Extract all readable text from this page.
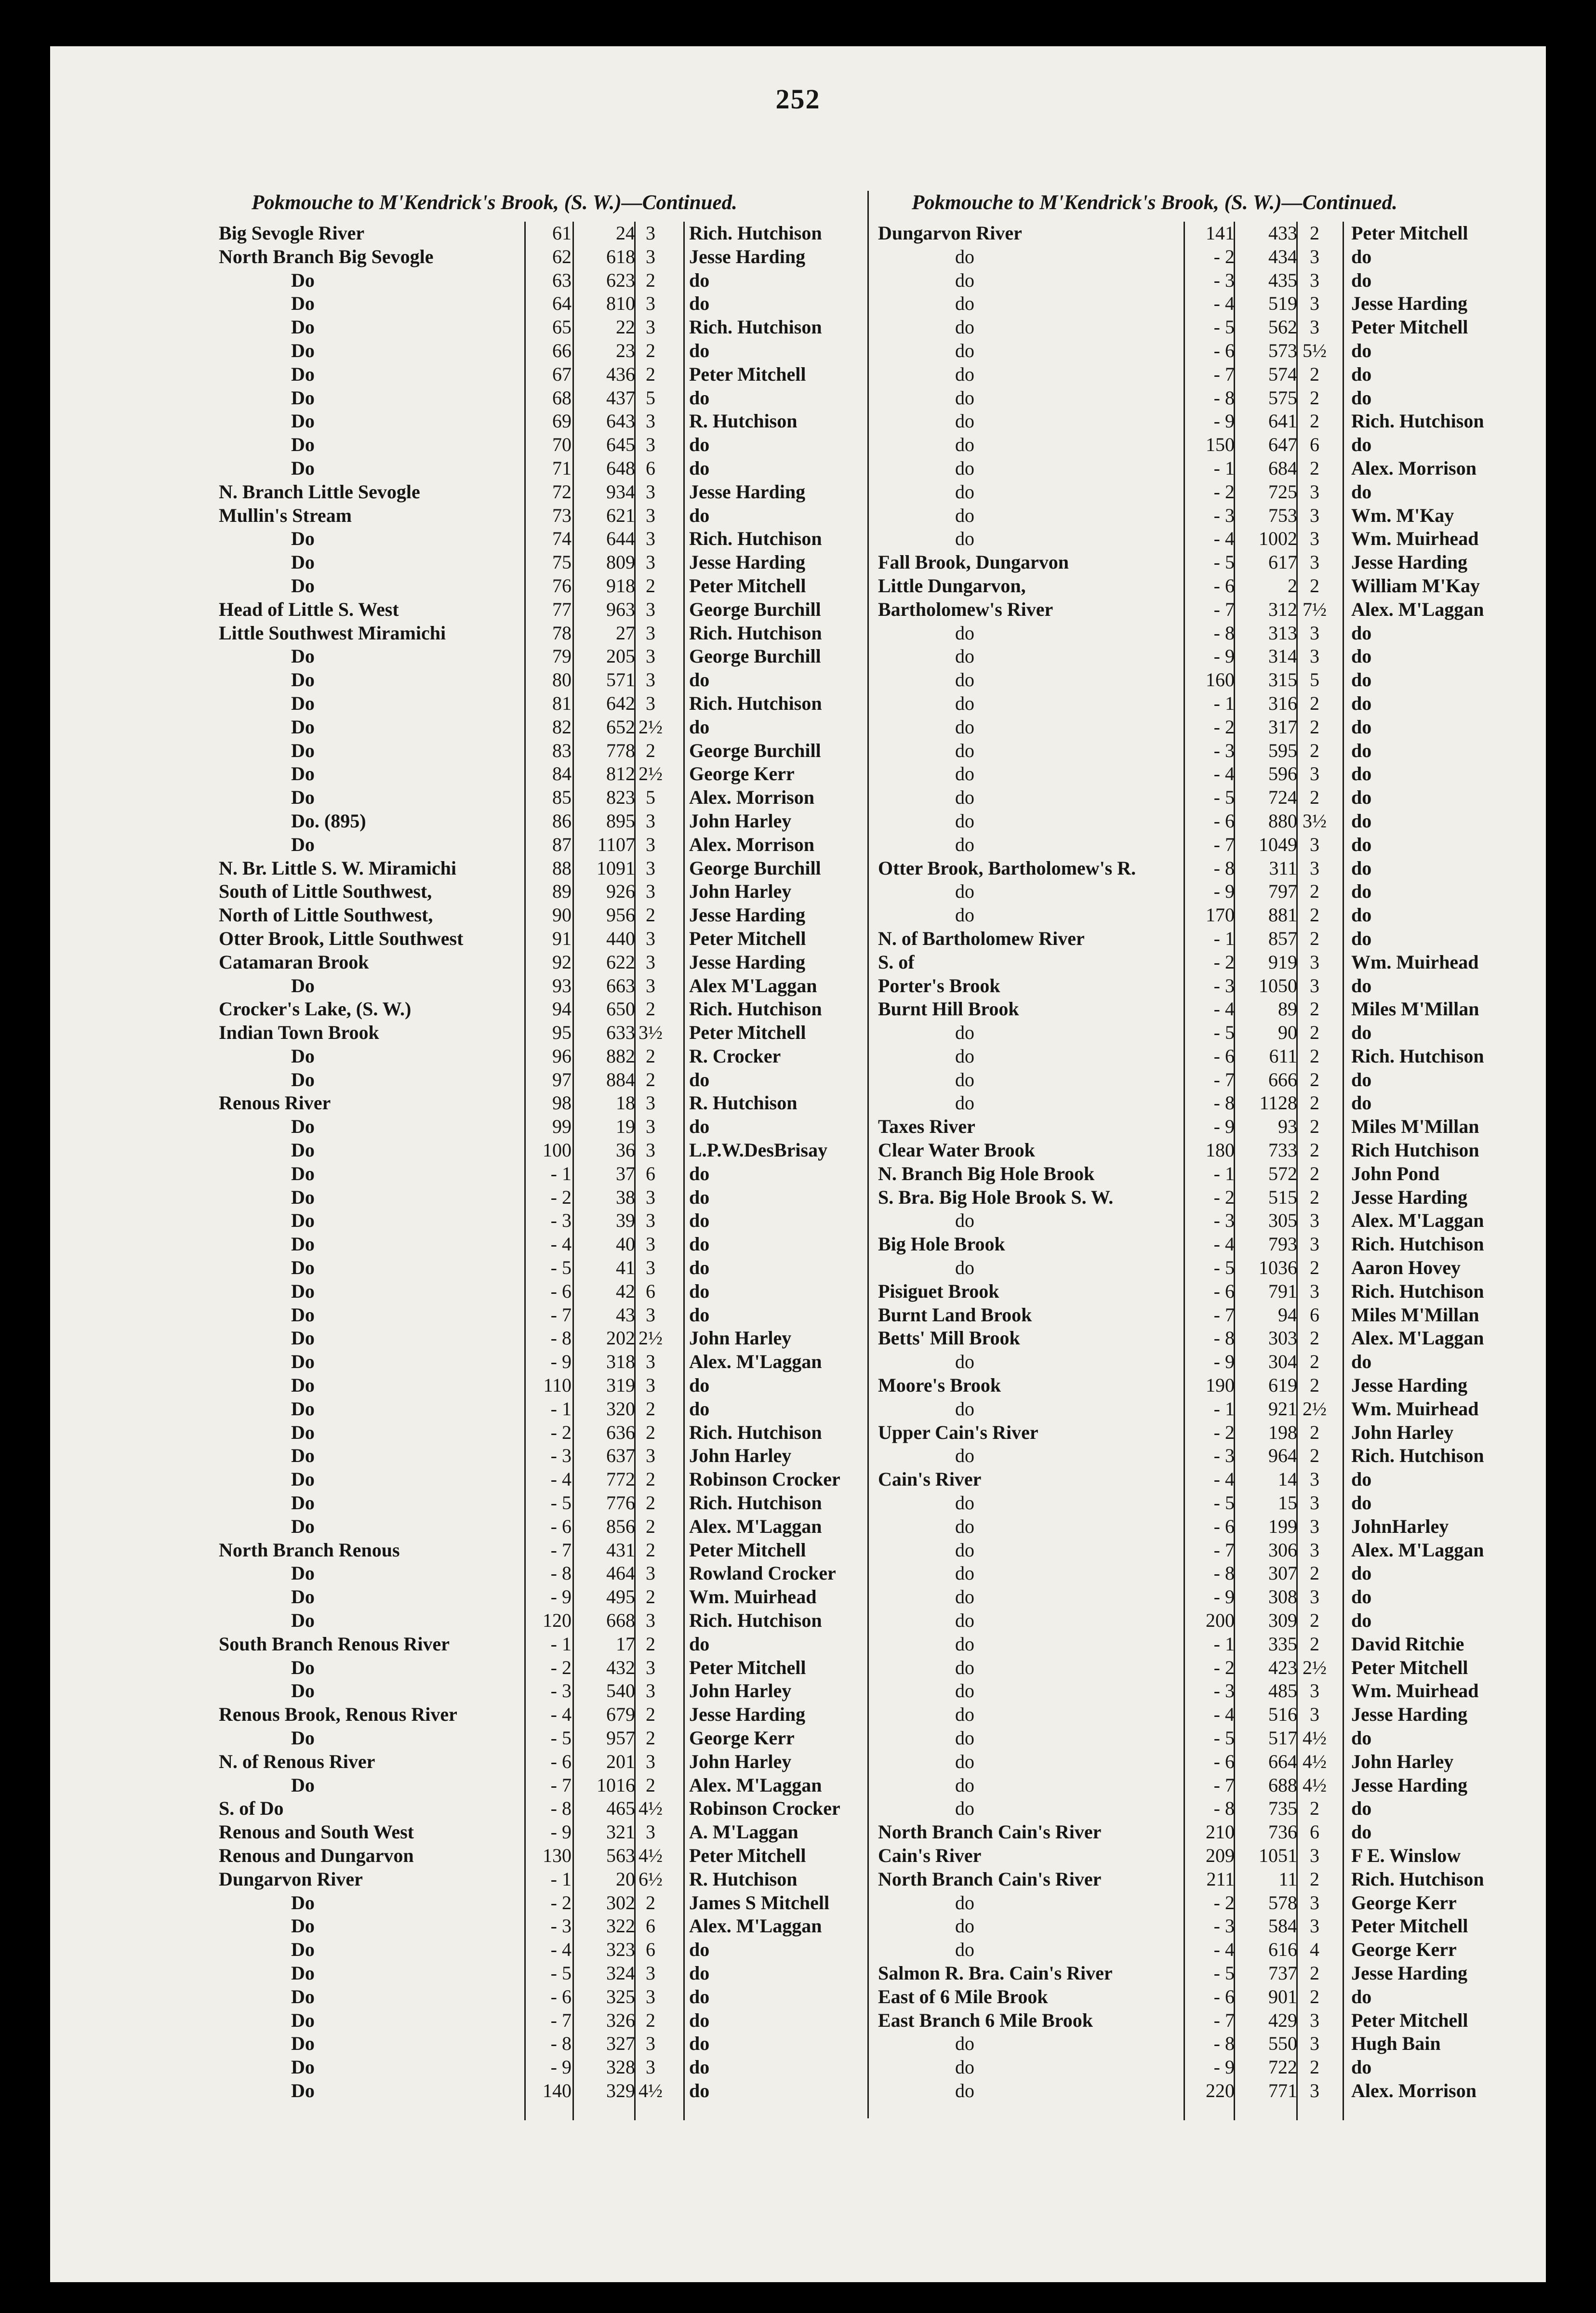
252
Pokmouche to M'Kendrick's Brook, (S. W.)—Continued.	Pokmouche to M'Kendrick's Brook, (S. W.)—Continued.
Big Sevogle River	61	24 3	Rich. Hutchison
North Branch Big Sevogle	62	618 3	Jesse Harding
Do	63	623 2	do
Do	64	810 3	do
Do	65	22 3	Rich. Hutchison
Do	66	23 2	do
Do	67	436 2	Peter Mitchell
Do	68	437 5	do
Do	69	643 3	R. Hutchison
Do	70	645 3	do
Do	71	648 6	do
N. Branch Little Sevogle	72	934 3	Jesse Harding
Mullin's Stream	73	621 3	do
Do	74	644 3	Rich. Hutchison
Do	75	809 3	Jesse Harding
Do	76	918 2	Peter Mitchell
Head of Little S. West	77	963 3	George Burchill
Little Southwest Miramichi	78	27 3	Rich. Hutchison
Do	79	205 3	George Burchill
Do	80	571 3	do
Do	81	642 3	Rich. Hutchison
Do	82	652 2½ do
Do	83	778 2	George Burchill
Do	84	812 2½ George Kerr
Do	85	823 5	Alex. Morrison
Do. (895)	86	895 3	John Harley
Do	87	1107 3	Alex. Morrison
N. Br. Little S. W. Miramichi	88	1091 3	George Burchill
South of Little Southwest,	89	926 3	John Harley
North of Little Southwest,	90	956 2	Jesse Harding
Otter Brook, Little Southwest	91	440 3	Peter Mitchell
Catamaran Brook	92	622 3	Jesse Harding
Do	93	663 3	Alex M'Laggan
Crocker's Lake, (S. W.)	94	650 2	Rich. Hutchison
Indian Town Brook	95	633 3½ Peter Mitchell
Do	96	882 2	R. Crocker
Do	97	884 2	do
Renous River	98	18 3	R. Hutchison
Do	99	19 3	do
Do	100	36 3	L.P.W.DesBrisay
Do	- 1	37 6	do
Do	- 2	38 3	do
Do	- 3	39 3	do
Do	- 4	40 3	do
Do	- 5	41 3	do
Do	- 6	42 6	do
Do	- 7	43 3	do
Do	- 8	202 2½ John Harley
Do	- 9	318 3	Alex. M'Laggan
Do	110	319 3	do
Do	- 1	320 2	do
Do	- 2	636 2	Rich. Hutchison
Do	- 3	637 3	John Harley
Do	- 4	772 2	Robinson Crocker
Do	- 5	776 2	Rich. Hutchison
Do	- 6	856 2	Alex. M'Laggan
North Branch Renous	- 7	431 2	Peter Mitchell
Do	- 8	464 3	Rowland Crocker
Do	- 9	495 2	Wm. Muirhead
Do	120	668 3	Rich. Hutchison
South Branch Renous River	- 1	17 2	do
Do	- 2	432 3	Peter Mitchell
Do	- 3	540 3	John Harley
Renous Brook, Renous River	- 4	679 2	Jesse Harding
Do	- 5	957 2	George Kerr
N. of Renous River	- 6	201 3	John Harley
Do	- 7	1016 2	Alex. M'Laggan
S. of Do	- 8	465 4½ Robinson Crocker
Renous and South West	- 9	321 3	A. M'Laggan
Renous and Dungarvon	130	563 4½ Peter Mitchell
Dungarvon River	- 1	20 6½ R. Hutchison
Do	- 2	302 2	James S Mitchell
Do	- 3	322 6	Alex. M'Laggan
Do	- 4	323 6	do
Do	- 5	324 3	do
Do	- 6	325 3	do
Do	- 7	326 2	do
Do	- 8	327 3	do
Do	- 9	328 3	do
Do	140	329 4½ do
Dungarvon River	141	433 2	Peter Mitchell
do	- 2	434 3	do
do	- 3	435 3	do
do	- 4	519 3	Jesse Harding
do	- 5	562 3	Peter Mitchell
do	- 6	573 5½ do
do	- 7	574 2	do
do	- 8	575 2	do
do	- 9	641 2	Rich. Hutchison
do	150	647 6	do
do	- 1	684 2	Alex. Morrison
do	- 2	725 3	do
do	- 3	753 3	Wm. M'Kay
do	- 4	1002 3	Wm. Muirhead
Fall Brook, Dungarvon	- 5	617 3	Jesse Harding
Little Dungarvon,	- 6	2 2	William M'Kay
Bartholomew's River	- 7	312 7½ Alex. M'Laggan
do	- 8	313 3	do
do	- 9	314 3	do
do	160	315 5	do
do	- 1	316 2	do
do	- 2	317 2	do
do	- 3	595 2	do
do	- 4	596 3	do
do	- 5	724 2	do
do	- 6	880 3½ do
do	- 7	1049 3	do
Otter Brook, Bartholomew's R.	- 8	311 3	do
do	- 9	797 2	do
do	170	881 2	do
N. of Bartholomew River	- 1	857 2	do
S. of	- 2	919 3	Wm. Muirhead
Porter's Brook	- 3	1050 3	do
Burnt Hill Brook	- 4	89 2	Miles M'Millan
do	- 5	90 2	do
do	- 6	611 2	Rich. Hutchison
do	- 7	666 2	do
do	- 8	1128 2	do
Taxes River	- 9	93 2	Miles M'Millan
Clear Water Brook	180	733 2	Rich Hutchison
N. Branch Big Hole Brook	- 1	572 2	John Pond
S. Bra. Big Hole Brook S. W.	- 2	515 2	Jesse Harding
do	- 3	305 3	Alex. M'Laggan
Big Hole Brook	- 4	793 3	Rich. Hutchison
do	- 5	1036 2	Aaron Hovey
Pisiguet Brook	- 6	791 3	Rich. Hutchison
Burnt Land Brook	- 7	94 6	Miles M'Millan
Betts' Mill Brook	- 8	303 2	Alex. M'Laggan
do	- 9	304 2	do
Moore's Brook	190	619 2	Jesse Harding
do	- 1	921 2½ Wm. Muirhead
Upper Cain's River	- 2	198 2	John Harley
do	- 3	964 2	Rich. Hutchison
Cain's River	- 4	14 3	do
do	- 5	15 3	do
do	- 6	199 3	JohnHarley
do	- 7	306 3	Alex. M'Laggan
do	- 8	307 2	do
do	- 9	308 3	do
do	200	309 2	do
do	- 1	335 2	David Ritchie
do	- 2	423 2½ Peter Mitchell
do	- 3	485 3	Wm. Muirhead
do	- 4	516 3	Jesse Harding
do	- 5	517 4½ do
do	- 6	664 4½ John Harley
do	- 7	688 4½ Jesse Harding
do	- 8	735 2	do
North Branch Cain's River	210	736 6	do
Cain's River	209	1051 3	F E. Winslow
North Branch Cain's River	211	11 2	Rich. Hutchison
do	- 2	578 3	George Kerr
do	- 3	584 3	Peter Mitchell
do	- 4	616 4	George Kerr
Salmon R. Bra. Cain's River	- 5	737 2	Jesse Harding
East of 6 Mile Brook	- 6	901 2	do
East Branch 6 Mile Brook	- 7	429 3	Peter Mitchell
do	- 8	550 3	Hugh Bain
do	- 9	722 2	do
do	220	771 3	Alex. Morrison
